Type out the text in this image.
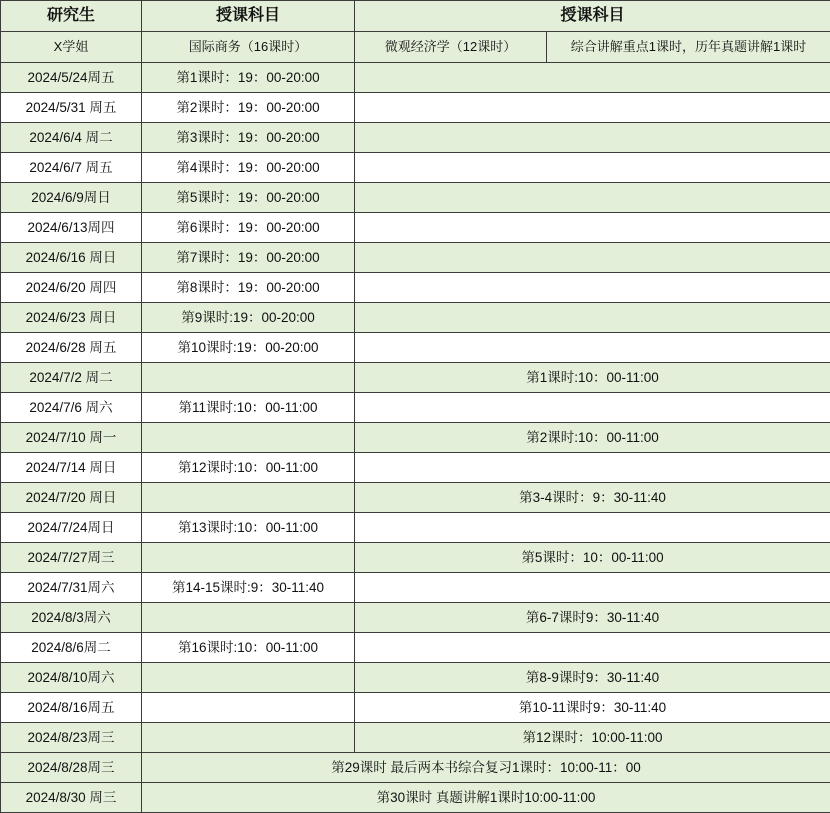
研究生	授课科目	授课科目	
X学姐	国际商务（16课时）	微观经济学（12课时）	综合讲解重点1课时，历年真题讲解1课时
2024/5/24周五	第1课时：19：00-20:00		
2024/5/31 周五	第2课时：19：00-20:00		
2024/6/4 周二	第3课时：19：00-20:00		
2024/6/7 周五	第4课时：19：00-20:00		
2024/6/9周日	第5课时：19：00-20:00		
2024/6/13周四	第6课时：19：00-20:00		
2024/6/16 周日	第7课时：19：00-20:00		
2024/6/20 周四	第8课时：19：00-20:00		
2024/6/23 周日	第9课时:19：00-20:00		
2024/6/28 周五	第10课时:19：00-20:00		
2024/7/2 周二		第1课时:10：00-11:00	
2024/7/6 周六	第11课时:10：00-11:00		
2024/7/10 周一		第2课时:10：00-11:00	
2024/7/14 周日	第12课时:10：00-11:00		
2024/7/20 周日		第3-4课时：9：30-11:40	
2024/7/24周日	第13课时:10：00-11:00		
2024/7/27周三		第5课时：10：00-11:00	
2024/7/31周六	第14-15课时:9：30-11:40		
2024/8/3周六		第6-7课时9：30-11:40	
2024/8/6周二	第16课时:10：00-11:00		
2024/8/10周六		第8-9课时9：30-11:40	
2024/8/16周五		第10-11课时9：30-11:40	
2024/8/23周三		第12课时：10:00-11:00	
2024/8/28周三	第29课时 最后两本书综合复习1课时：10:00-11：00		
2024/8/30 周三	第30课时 真题讲解1课时10:00-11:00		
